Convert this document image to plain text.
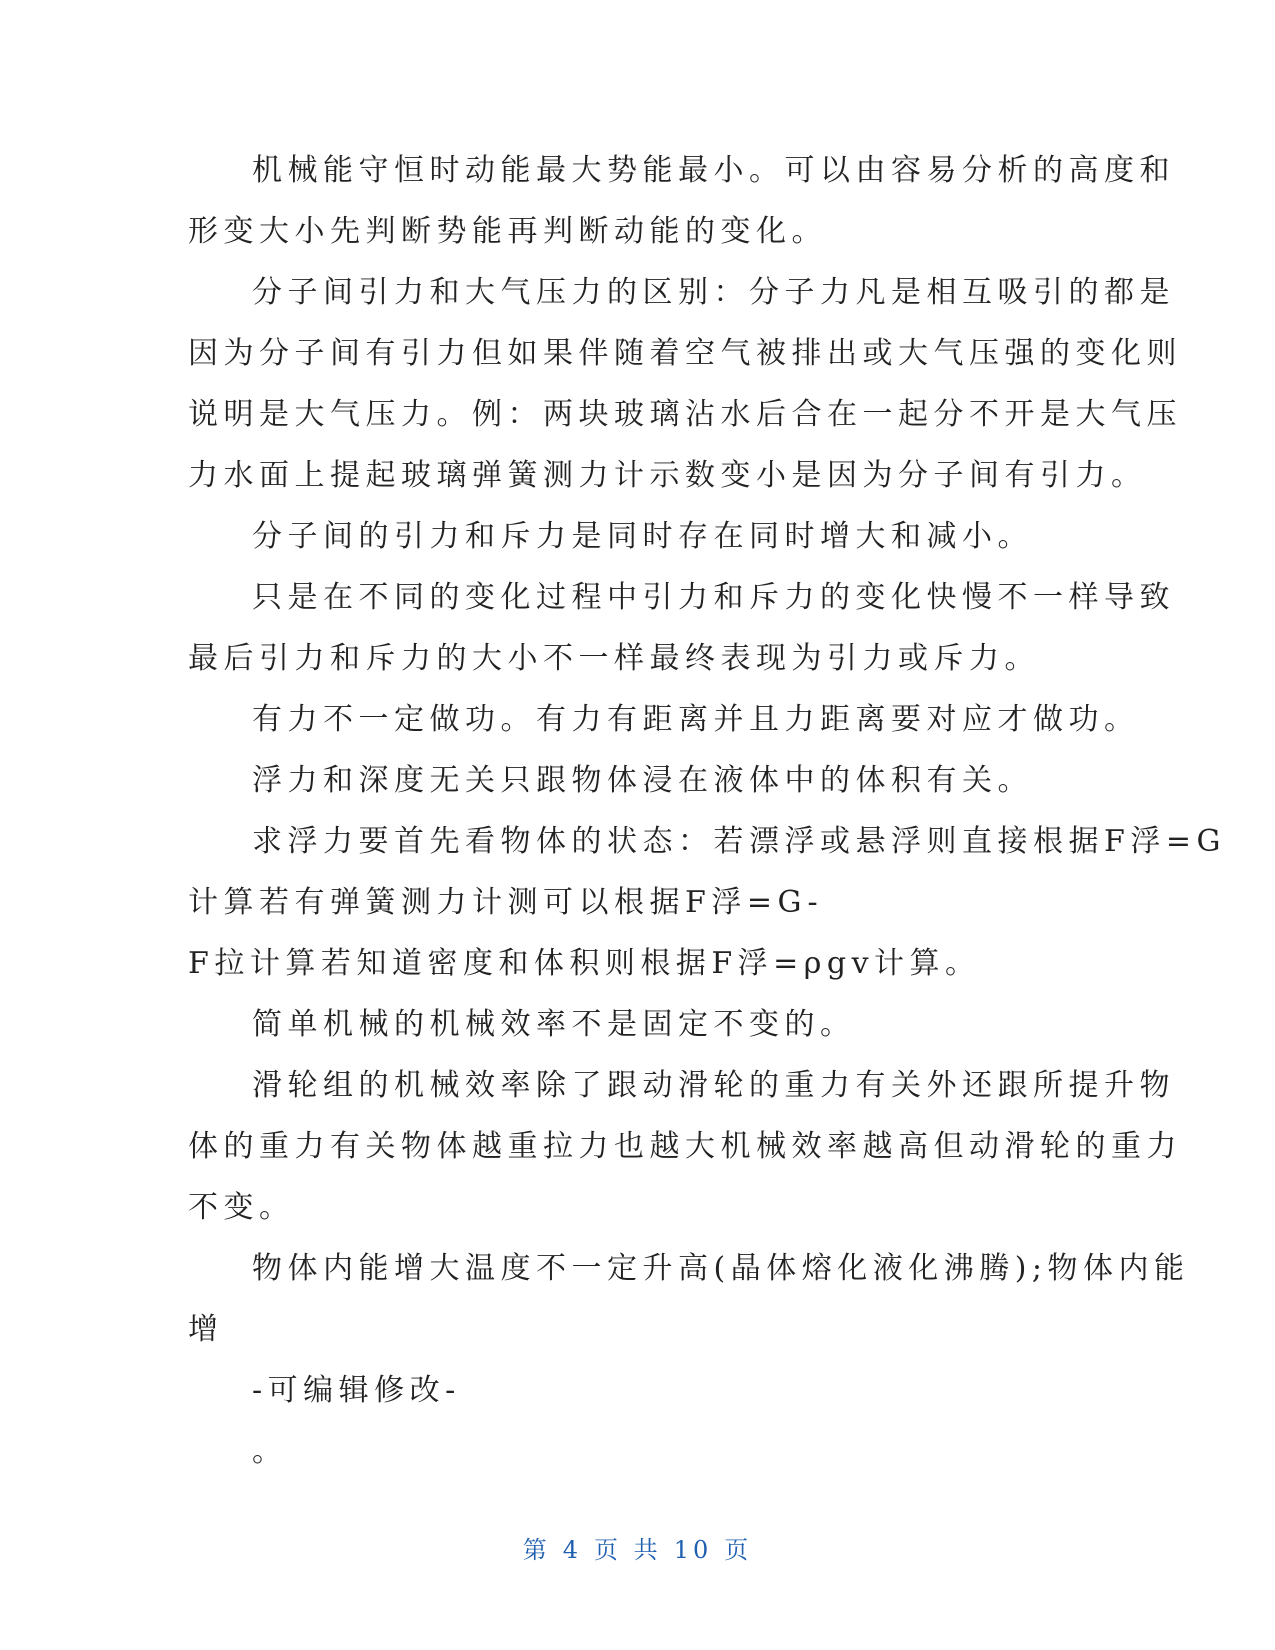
机械能守恒时动能最大势能最小。可以由容易分析的高度和

形变大小先判断势能再判断动能的变化。

分子间引力和大气压力的区别：分子力凡是相互吸引的都是

因为分子间有引力但如果伴随着空气被排出或大气压强的变化则

说明是大气压力。例：两块玻璃沾水后合在一起分不开是大气压

力水面上提起玻璃弹簧测力计示数变小是因为分子间有引力。

分子间的引力和斥力是同时存在同时增大和减小。

只是在不同的变化过程中引力和斥力的变化快慢不一样导致

最后引力和斥力的大小不一样最终表现为引力或斥力。

有力不一定做功。有力有距离并且力距离要对应才做功。

浮力和深度无关只跟物体浸在液体中的体积有关。

求浮力要首先看物体的状态：若漂浮或悬浮则直接根据F浮=G

计算若有弹簧测力计测可以根据F浮=G-

F拉计算若知道密度和体积则根据F浮=ρgv计算。

简单机械的机械效率不是固定不变的。

滑轮组的机械效率除了跟动滑轮的重力有关外还跟所提升物

体的重力有关物体越重拉力也越大机械效率越高但动滑轮的重力

不变。

物体内能增大温度不一定升高(晶体熔化液化沸腾);物体内能

增

-可编辑修改-

。

第 4 页 共 10 页
